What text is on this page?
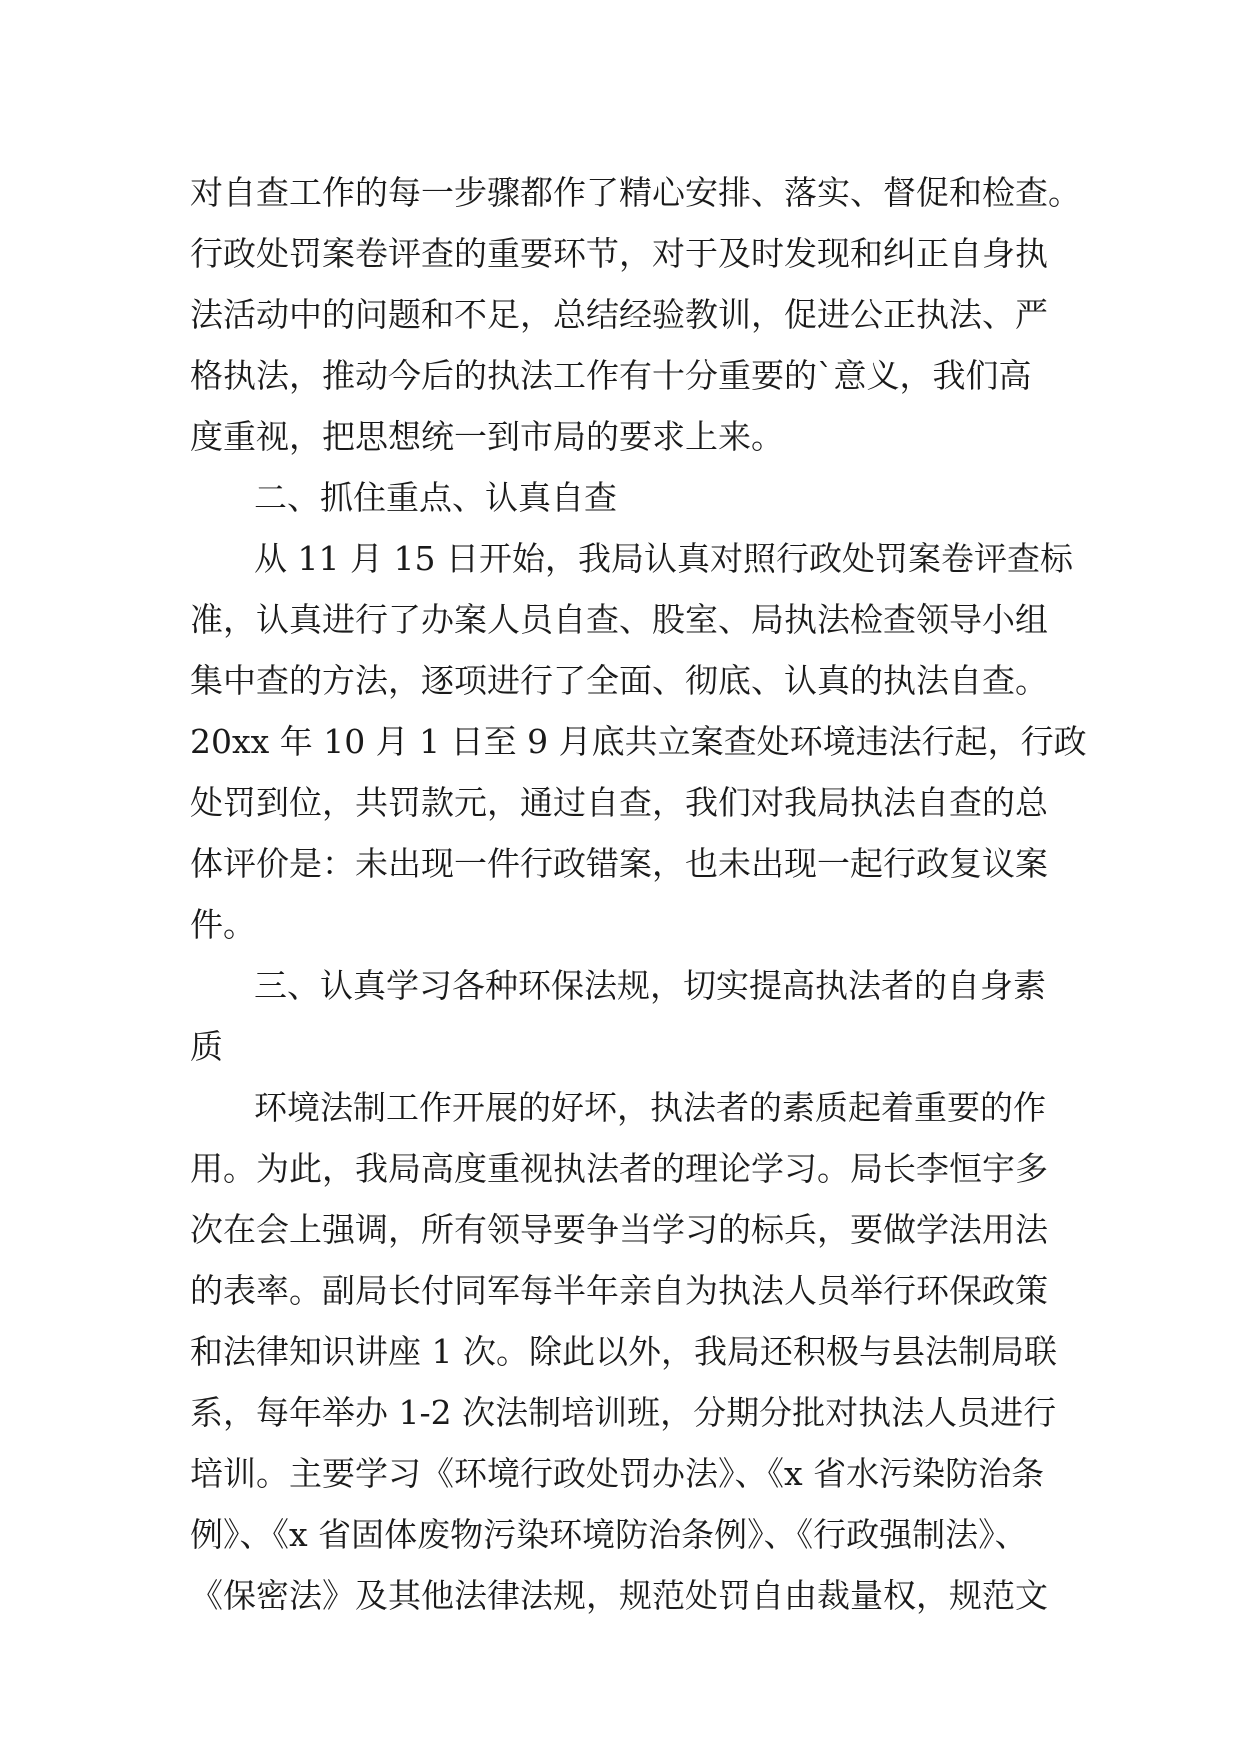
对自查工作的每一步骤都作了精心安排、落实、督促和检查。
行政处罚案卷评查的重要环节，对于及时发现和纠正自身执
法活动中的问题和不足，总结经验教训，促进公正执法、严
格执法，推动今后的执法工作有十分重要的`意义，我们高
度重视，把思想统一到市局的要求上来。
二、抓住重点、认真自查
从 11 月 15 日开始，我局认真对照行政处罚案卷评查标
准，认真进行了办案人员自查、股室、局执法检查领导小组
集中查的方法，逐项进行了全面、彻底、认真的执法自查。
20xx 年 10 月 1 日至 9 月底共立案查处环境违法行起，行政
处罚到位，共罚款元，通过自查，我们对我局执法自查的总
体评价是：未出现一件行政错案，也未出现一起行政复议案
件。
三、认真学习各种环保法规，切实提高执法者的自身素
质
环境法制工作开展的好坏，执法者的素质起着重要的作
用。为此，我局高度重视执法者的理论学习。局长李恒宇多
次在会上强调，所有领导要争当学习的标兵，要做学法用法
的表率。副局长付同军每半年亲自为执法人员举行环保政策
和法律知识讲座 1 次。除此以外，我局还积极与县法制局联
系，每年举办 1-2 次法制培训班，分期分批对执法人员进行
培训。主要学习《环境行政处罚办法》、《x 省水污染防治条
例》、《x 省固体废物污染环境防治条例》、《行政强制法》、
《保密法》及其他法律法规，规范处罚自由裁量权，规范文
